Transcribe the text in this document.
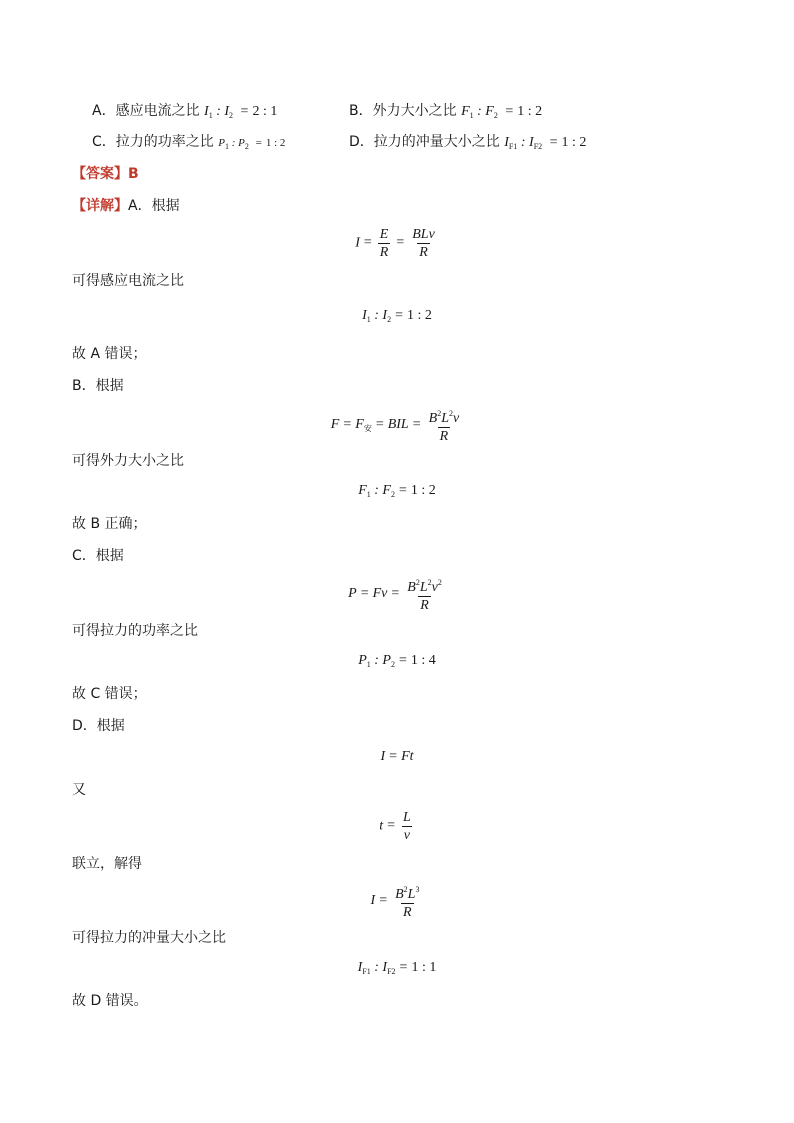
A．感应电流之比 $I_1$ : $I_2 = 2$ : 1	B．外力大小之比 $F_1$ : $F_2 = 1$ : 2
C．拉力的功率之比 $P_1$ : $P_2 = 1$ : 2	D．拉力的冲量大小之比 $I_{F1}$ : $I_{F2} = 1$ : 2
【答案】B
【详解】A．根据
$I = \frac{E}{R} = \frac{\text{BLv}}{R}$
可得感应电流之比
$I_1$ : $I_2 = 1$ : 2
故 A 错误；
B．根据
$F = F_安$ = BIL = $\frac{B^2L^2v}{R}$
可得外力大小之比
$F_1$ : $F_2 = 1$ : 2
故 B 正确；
C．根据
$P = Fv = \frac{B^2L^2v^2}{R}$
可得拉力的功率之比
$P_1$ : $P_2 = 1$ : 4
故 C 错误；
D．根据
I = Ft
又
$t = \frac{L}{v}$
联立，解得
$I = \frac{B^2L^3}{R}$
可得拉力的冲量大小之比
$I_{F1}$ : $I_{F2} = 1$ : 1
故 D 错误。
